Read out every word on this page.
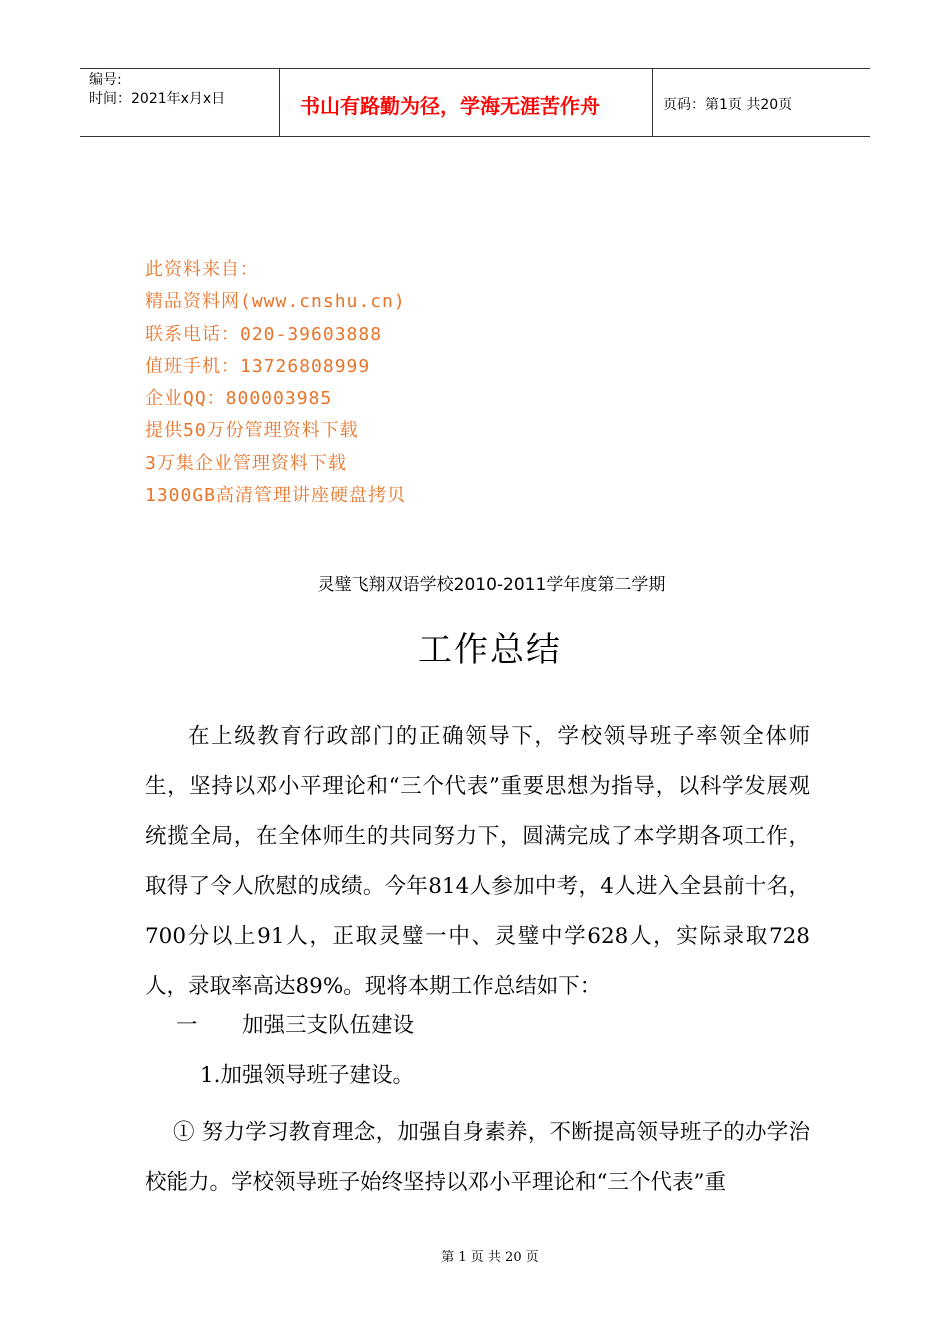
编号:
时间：2021年x月x日	书山有路勤为径，学海无涯苦作舟	页码：第1页 共20页
此资料来自：
精品资料网(www.cnshu.cn)
联系电话：020-39603888
值班手机：13726808999
企业QQ：800003985
提供50万份管理资料下载
3万集企业管理资料下载
1300GB高清管理讲座硬盘拷贝
灵璧飞翔双语学校2010-2011学年度第二学期
工作总结

在上级教育行政部门的正确领导下，学校领导班子率领全体师生，坚持以邓小平理论和“三个代表”重要思想为指导，以科学发展观统揽全局，在全体师生的共同努力下，圆满完成了本学期各项工作，取得了令人欣慰的成绩。今年814人参加中考，4人进入全县前十名，700分以上91人，正取灵璧一中、灵璧中学628人，实际录取728人，录取率高达89%。现将本期工作总结如下：

一 加强三支队伍建设
1.加强领导班子建设。

① 努力学习教育理念，加强自身素养，不断提高领导班子的办学治校能力。学校领导班子始终坚持以邓小平理论和“三个代表”重

第 1 页 共 20 页
